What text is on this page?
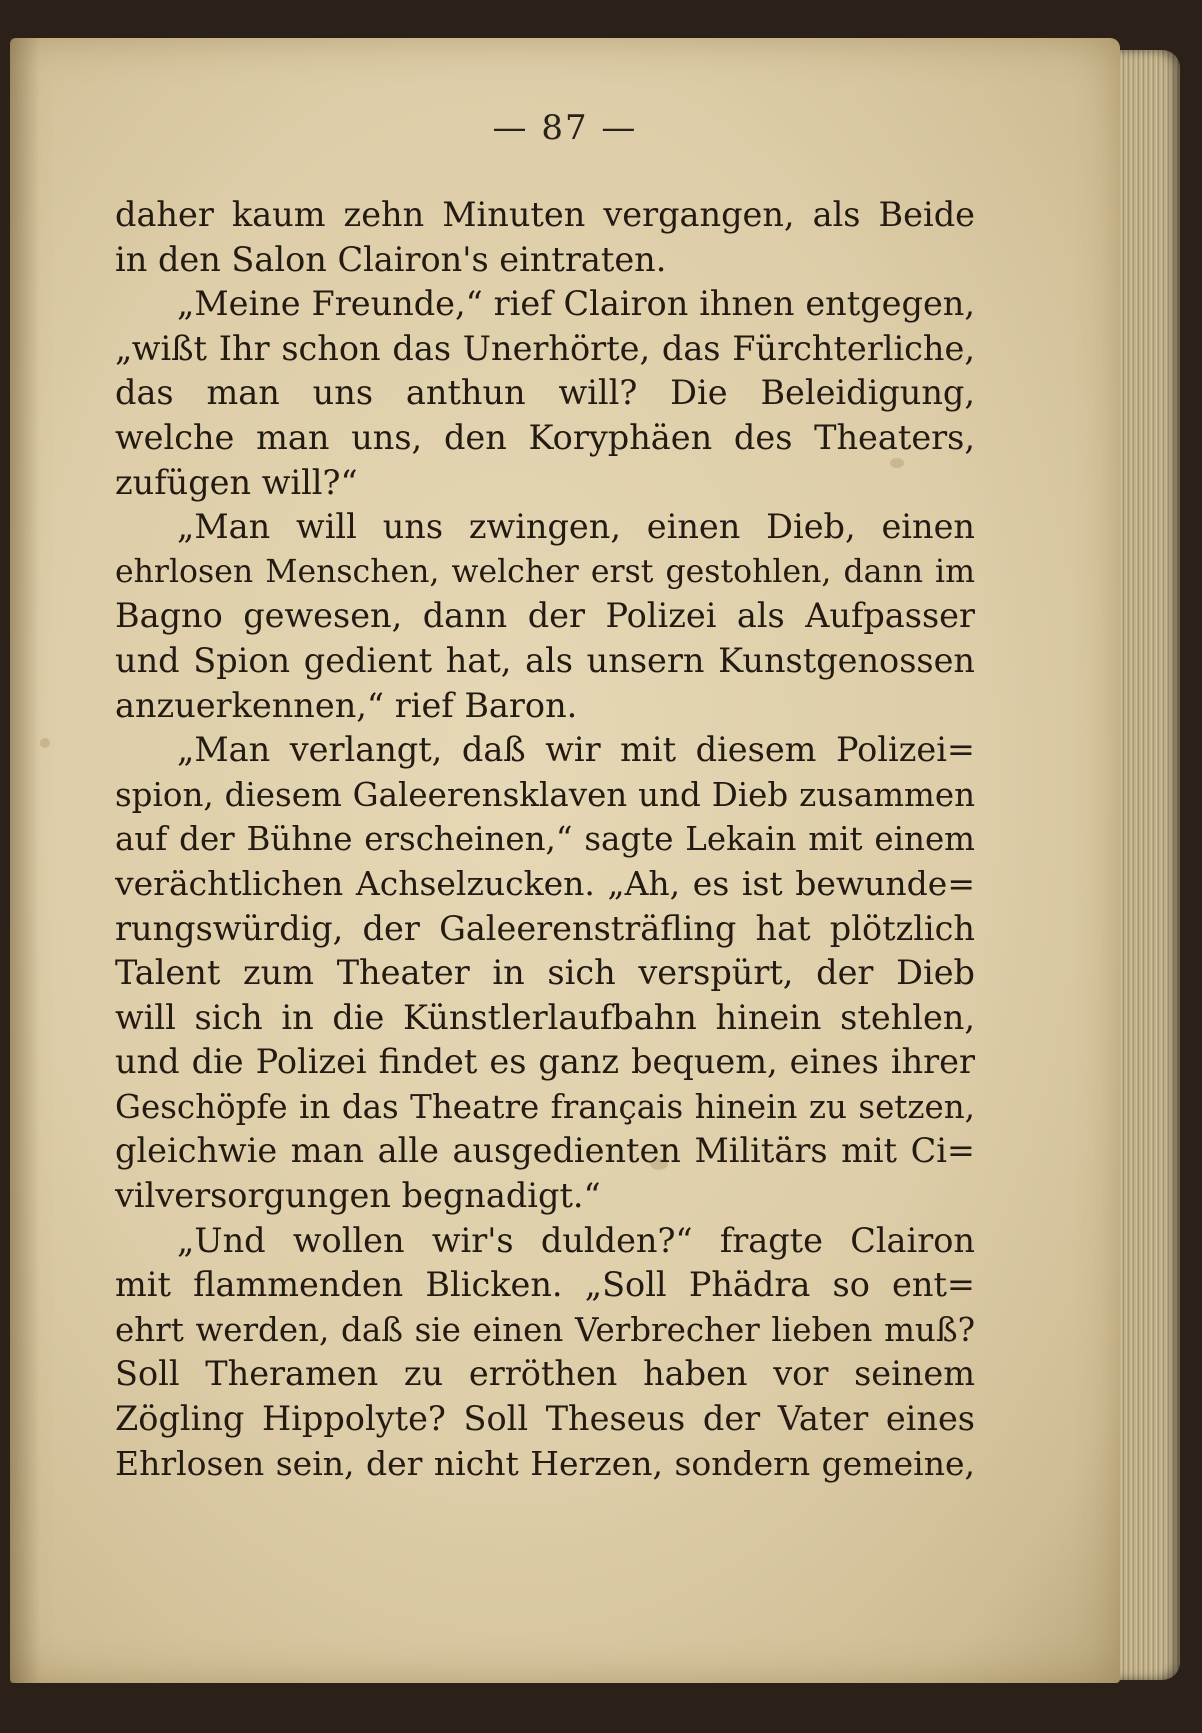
— 87 —
daher kaum zehn Minuten vergangen, als Beide
in den Salon Clairon's eintraten.
„Meine Freunde,“ rief Clairon ihnen entgegen,
„wißt Ihr schon das Unerhörte, das Fürchterliche,
das man uns anthun will? Die Beleidigung,
welche man uns, den Koryphäen des Theaters,
zufügen will?“
„Man will uns zwingen, einen Dieb, einen
ehrlosen Menschen, welcher erst gestohlen, dann im
Bagno gewesen, dann der Polizei als Aufpasser
und Spion gedient hat, als unsern Kunstgenossen
anzuerkennen,“ rief Baron.
„Man verlangt, daß wir mit diesem Polizei=
spion, diesem Galeerensklaven und Dieb zusammen
auf der Bühne erscheinen,“ sagte Lekain mit einem
verächtlichen Achselzucken. „Ah, es ist bewunde=
rungswürdig, der Galeerensträfling hat plötzlich
Talent zum Theater in sich verspürt, der Dieb
will sich in die Künstlerlaufbahn hinein stehlen,
und die Polizei findet es ganz bequem, eines ihrer
Geschöpfe in das Theatre français hinein zu setzen,
gleichwie man alle ausgedienten Militärs mit Ci=
vilversorgungen begnadigt.“
„Und wollen wir's dulden?“ fragte Clairon
mit flammenden Blicken. „Soll Phädra so ent=
ehrt werden, daß sie einen Verbrecher lieben muß?
Soll Theramen zu erröthen haben vor seinem
Zögling Hippolyte? Soll Theseus der Vater eines
Ehrlosen sein, der nicht Herzen, sondern gemeine,
